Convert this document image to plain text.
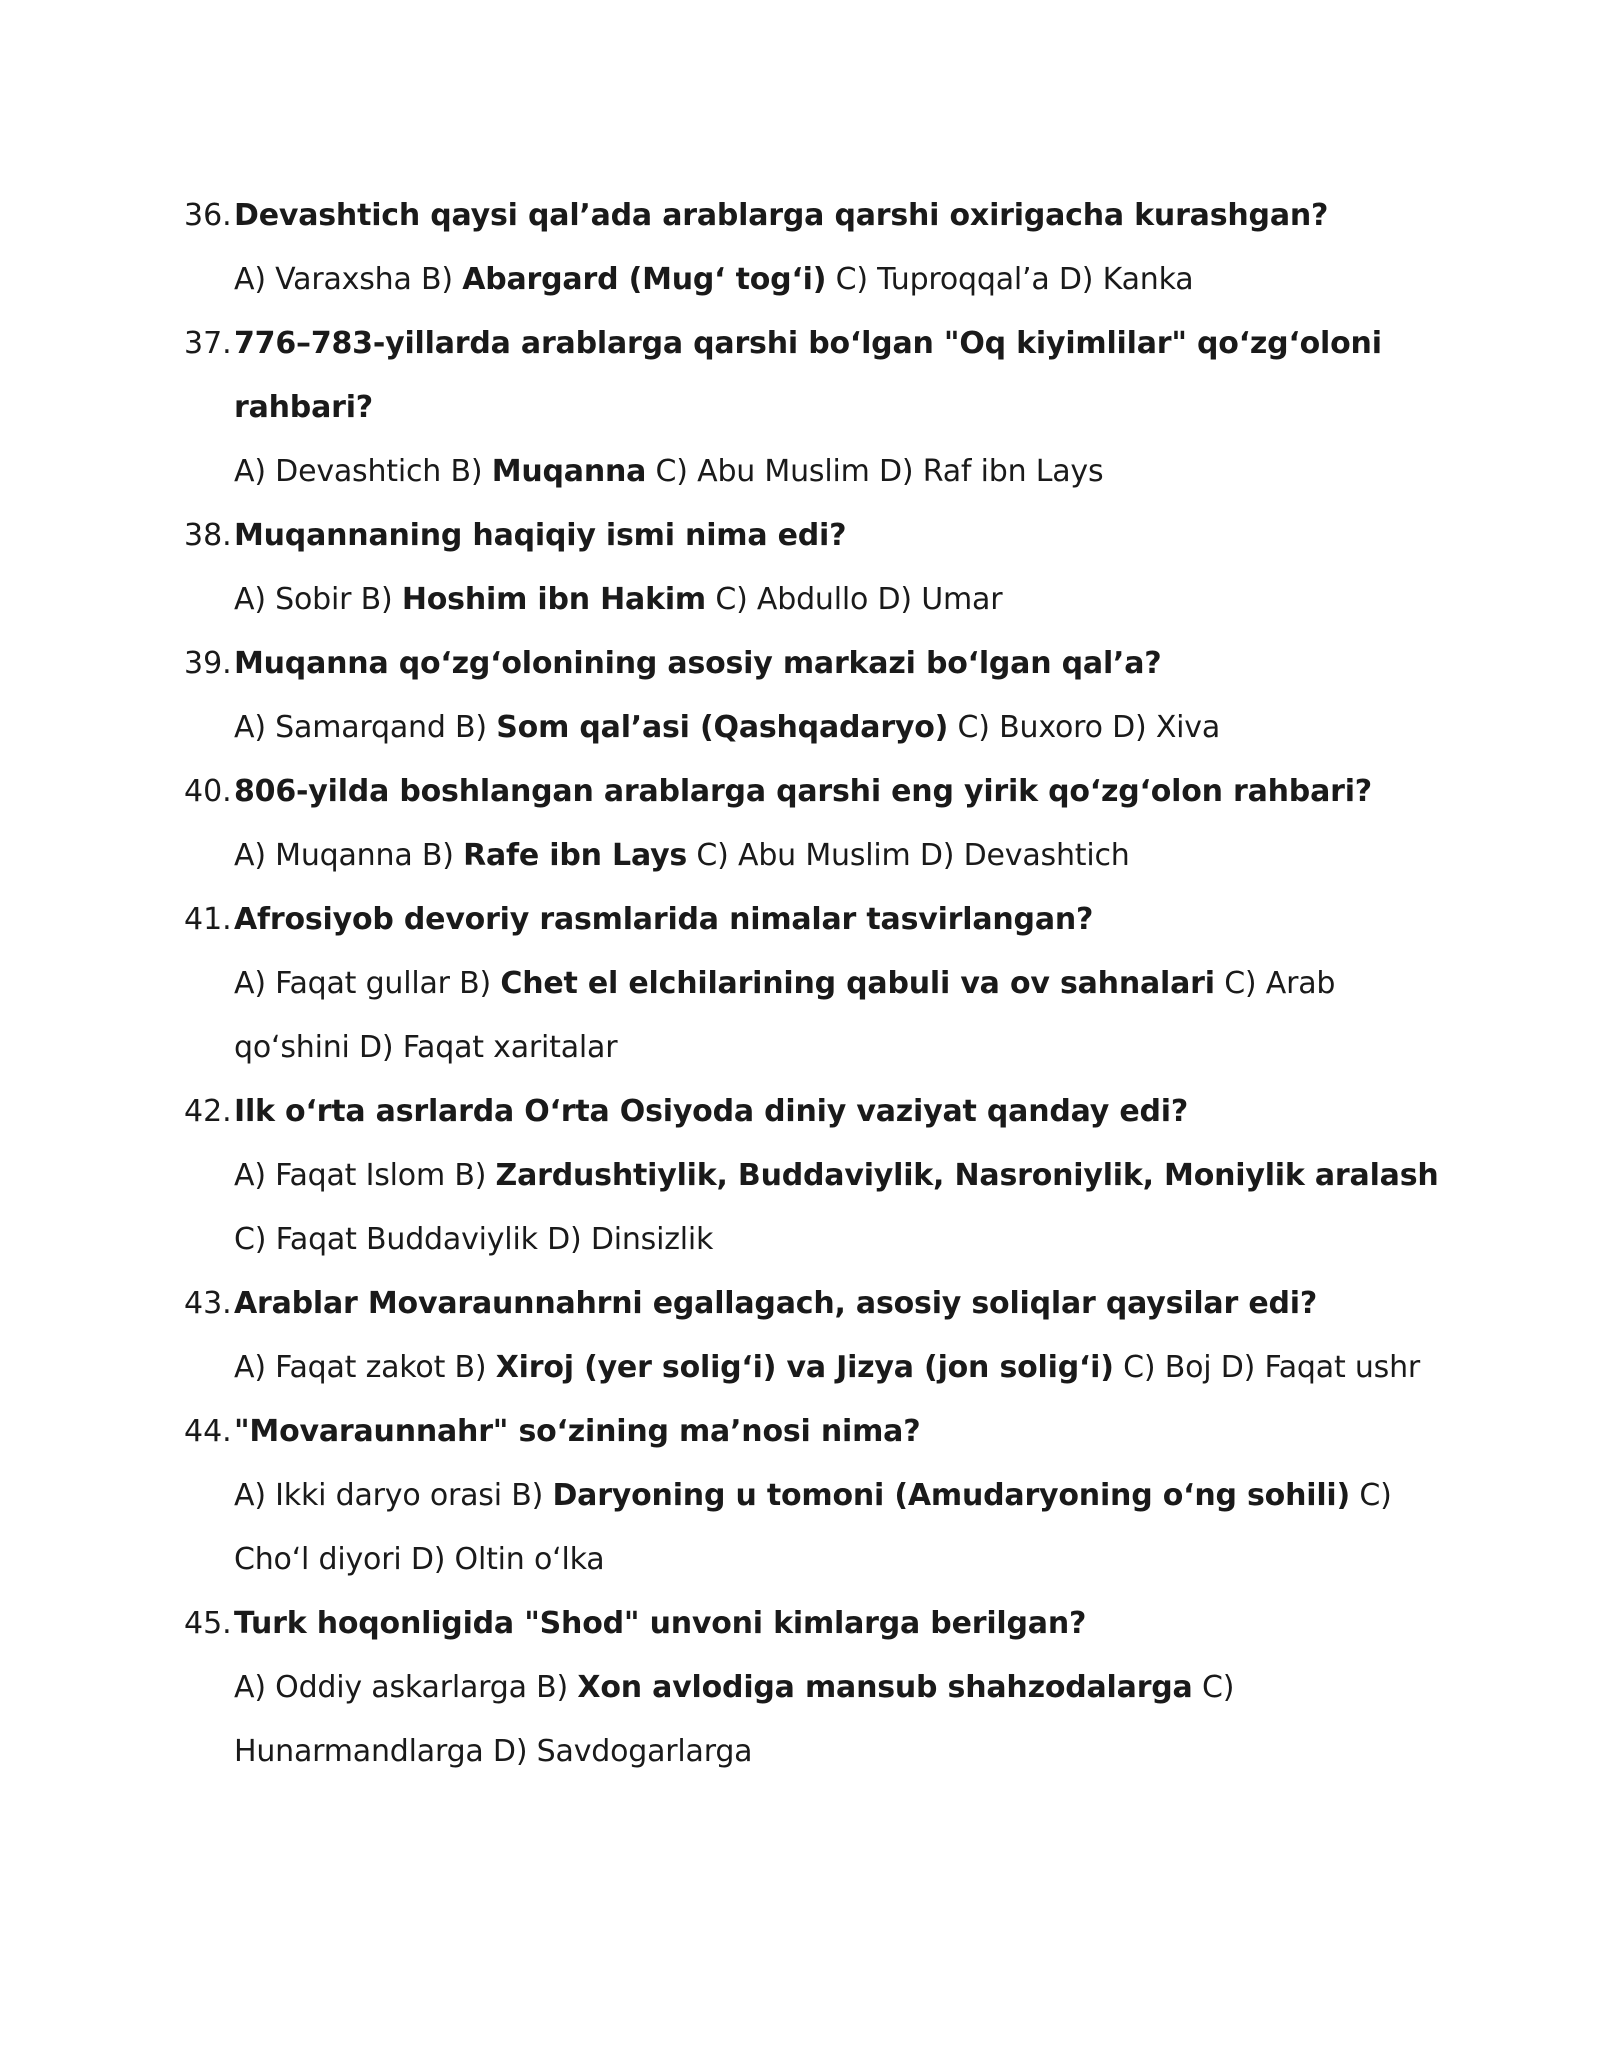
36. Devashtich qaysi qal’ada arablarga qarshi oxirigacha kurashgan?
A) Varaxsha B) Abargard (Mug‘ tog‘i) C) Tuproqqal’a D) Kanka
37. 776–783-yillarda arablarga qarshi bo‘lgan "Oq kiyimlilar" qo‘zg‘oloni rahbari?
A) Devashtich B) Muqanna C) Abu Muslim D) Raf ibn Lays
38. Muqannaning haqiqiy ismi nima edi?
A) Sobir B) Hoshim ibn Hakim C) Abdullo D) Umar
39. Muqanna qo‘zg‘olonining asosiy markazi bo‘lgan qal’a?
A) Samarqand B) Som qal’asi (Qashqadaryo) C) Buxoro D) Xiva
40. 806-yilda boshlangan arablarga qarshi eng yirik qo‘zg‘olon rahbari?
A) Muqanna B) Rafe ibn Lays C) Abu Muslim D) Devashtich
41. Afrosiyob devoriy rasmlarida nimalar tasvirlangan?
A) Faqat gullar B) Chet el elchilarining qabuli va ov sahnalari C) Arab qo‘shini D) Faqat xaritalar
42. Ilk o‘rta asrlarda O‘rta Osiyoda diniy vaziyat qanday edi?
A) Faqat Islom B) Zardushtiylik, Buddaviylik, Nasroniylik, Moniylik aralash C) Faqat Buddaviylik D) Dinsizlik
43. Arablar Movaraunnahrni egallagach, asosiy soliqlar qaysilar edi?
A) Faqat zakot B) Xiroj (yer solig‘i) va Jizya (jon solig‘i) C) Boj D) Faqat ushr
44. "Movaraunnahr" so‘zining ma’nosi nima?
A) Ikki daryo orasi B) Daryoning u tomoni (Amudaryoning o‘ng sohili) C) Cho‘l diyori D) Oltin o‘lka
45. Turk hoqonligida "Shod" unvoni kimlarga berilgan?
A) Oddiy askarlarga B) Xon avlodiga mansub shahzodalarga C) Hunarmandlarga D) Savdogarlarga
